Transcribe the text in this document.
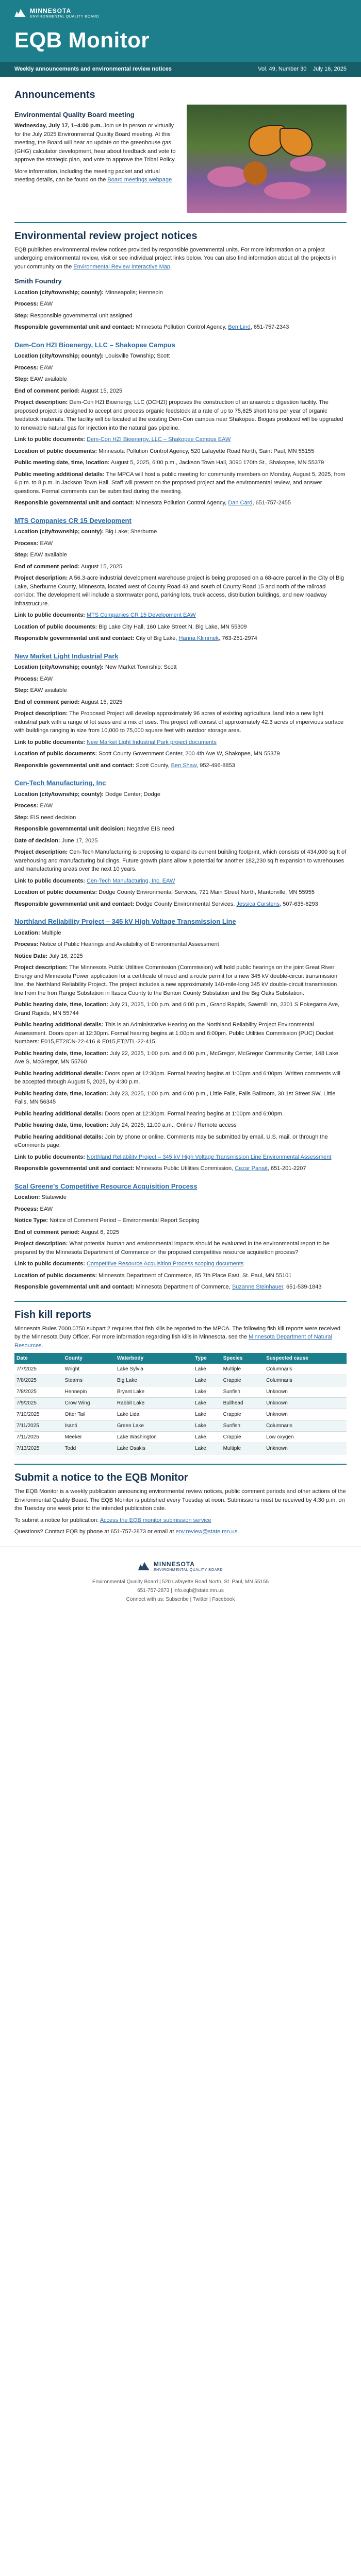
MINNESOTA
ENVIRONMENTAL QUALITY BOARD
EQB Monitor
Weekly announcements and environmental review notices	Vol. 49, Number 30 July 16, 2025
Announcements
Environmental Quality Board meeting

Wednesday, July 17, 1–4:00 p.m. Join us in person or virtually for the July 2025 Environmental Quality Board meeting. At this meeting, the Board will hear an update on the greenhouse gas (GHG) calculator development, hear about feedback and vote to approve the strategic plan, and vote to approve the Tribal Policy.

More information, including the meeting packet and virtual meeting details, can be found on the Board meetings webpage

Environmental review project notices

EQB publishes environmental review notices provided by responsible governmental units. For more information on a project undergoing environmental review, visit or see individual project links below. You can also find information about all the projects in your community on the Environmental Review Interactive Map.

Smith Foundry

Location (city/township; county): Minneapolis; Hennepin

Process: EAW

Step: Responsible governmental unit assigned

Responsible governmental unit and contact: Minnesota Pollution Control Agency, Ben Lind, 651-757-2343

Dem-Con HZI Bioenergy, LLC – Shakopee Campus

Location (city/township; county): Louisville Township; Scott

Process: EAW

Step: EAW available

End of comment period: August 15, 2025

Project description: Dem-Con HZI Bioenergy, LLC (DCHZI) proposes the construction of an anaerobic digestion facility. The proposed project is designed to accept and process organic feedstock at a rate of up to 75,625 short tons per year of organic feedstock materials. The facility will be located at the existing Dem-Con campus near Shakopee. Biogas produced will be upgraded to renewable natural gas for injection into the natural gas pipeline.

Link to public documents: Dem-Con HZI Bioenergy, LLC – Shakopee Campus EAW

Location of public documents: Minnesota Pollution Control Agency, 520 Lafayette Road North, Saint Paul, MN 55155

Public meeting date, time, location: August 5, 2025, 6:00 p.m., Jackson Town Hall, 3090 170th St., Shakopee, MN 55379

Public meeting additional details: The MPCA will host a public meeting for community members on Monday, August 5, 2025, from 6 p.m. to 8 p.m. in Jackson Town Hall. Staff will present on the proposed project and the environmental review, and answer questions. Formal comments can be submitted during the meeting.

Responsible governmental unit and contact: Minnesota Pollution Control Agency, Dan Card, 651-757-2455

MTS Companies CR 15 Development

Location (city/township; county): Big Lake; Sherburne

Process: EAW

Step: EAW available

End of comment period: August 15, 2025

Project description: A 56.3-acre industrial development warehouse project is being proposed on a 68-acre parcel in the City of Big Lake, Sherburne County, Minnesota, located west of County Road 43 and south of County Road 15 and north of the railroad corridor. The development will include a stormwater pond, parking lots, truck access, distribution buildings, and new roadway infrastructure.

Link to public documents: MTS Companies CR 15 Development EAW

Location of public documents: Big Lake City Hall, 160 Lake Street N, Big Lake, MN 55309

Responsible governmental unit and contact: City of Big Lake, Hanna Klimmek, 763-251-2974

New Market Light Industrial Park

Location (city/township; county): New Market Township; Scott

Process: EAW

Step: EAW available

End of comment period: August 15, 2025

Project description: The Proposed Project will develop approximately 96 acres of existing agricultural land into a new light industrial park with a range of lot sizes and a mix of uses. The project will consist of approximately 42.3 acres of impervious surface with buildings ranging in size from 10,000 to 75,000 square feet with outdoor storage area.

Link to public documents: New Market Light Industrial Park project documents

Location of public documents: Scott County Government Center, 200 4th Ave W, Shakopee, MN 55379

Responsible governmental unit and contact: Scott County, Ben Shaw, 952-496-8853

Cen-Tech Manufacturing, Inc

Location (city/township; county): Dodge Center; Dodge

Process: EAW

Step: EIS need decision

Responsible governmental unit decision: Negative EIS need

Date of decision: June 17, 2025

Project description: Cen-Tech Manufacturing is proposing to expand its current building footprint, which consists of 434,000 sq ft of warehousing and manufacturing buildings. Future growth plans allow a potential for another 182,230 sq ft expansion to warehouses and manufacturing areas over the next 10 years.

Link to public documents: Cen-Tech Manufacturing, Inc. EAW

Location of public documents: Dodge County Environmental Services, 721 Main Street North, Mantorville, MN 55955

Responsible governmental unit and contact: Dodge County Environmental Services, Jessica Carstens, 507-635-6293

Northland Reliability Project – 345 kV High Voltage Transmission Line

Location: Multiple

Process: Notice of Public Hearings and Availability of Environmental Assessment

Notice Date: July 16, 2025

Project description: The Minnesota Public Utilities Commission (Commission) will hold public hearings on the joint Great River Energy and Minnesota Power application for a certificate of need and a route permit for a new 345 kV double-circuit transmission line, the Northland Reliability Project. The project includes a new approximately 140-mile-long 345 kV double-circuit transmission line from the Iron Range Substation in Itasca County to the Benton County Substation and the Big Oaks Substation.

Public hearing date, time, location: July 21, 2025, 1:00 p.m. and 6:00 p.m., Grand Rapids, Sawmill Inn, 2301 S Pokegama Ave, Grand Rapids, MN 55744

Public hearing additional details: This is an Administrative Hearing on the Northland Reliability Project Environmental Assessment. Doors open at 12:30pm. Formal hearing begins at 1:00pm and 6:00pm. Public Utilities Commission (PUC) Docket Numbers: E015,ET2/CN-22-416 & E015,ET2/TL-22-415.

Public hearing date, time, location: July 22, 2025, 1:00 p.m. and 6:00 p.m., McGregor, McGregor Community Center, 148 Lake Ave S, McGregor, MN 55760

Public hearing additional details: Doors open at 12:30pm. Formal hearing begins at 1:00pm and 6:00pm. Written comments will be accepted through August 5, 2025, by 4:30 p.m.

Public hearing date, time, location: July 23, 2025, 1:00 p.m. and 6:00 p.m., Little Falls, Falls Ballroom, 30 1st Street SW, Little Falls, MN 56345

Public hearing additional details: Doors open at 12:30pm. Formal hearing begins at 1:00pm and 6:00pm.

Public hearing date, time, location: July 24, 2025, 11:00 a.m., Online / Remote access

Public hearing additional details: Join by phone or online. Comments may be submitted by email, U.S. mail, or through the eComments page.

Link to public documents: Northland Reliability Project – 345 kV High Voltage Transmission Line Environmental Assessment

Responsible governmental unit and contact: Minnesota Public Utilities Commission, Cezar Panait, 651-201-2207

Scal Greene's Competitive Resource Acquisition Process

Location: Statewide

Process: EAW

Notice Type: Notice of Comment Period – Environmental Report Scoping

End of comment period: August 6, 2025

Project description: What potential human and environmental impacts should be evaluated in the environmental report to be prepared by the Minnesota Department of Commerce on the proposed competitive resource acquisition process?

Link to public documents: Competitive Resource Acquisition Process scoping documents

Location of public documents: Minnesota Department of Commerce, 85 7th Place East, St. Paul, MN 55101

Responsible governmental unit and contact: Minnesota Department of Commerce, Suzanne Steinhauer, 651-539-1843

Fish kill reports

Minnesota Rules 7000.0750 subpart 2 requires that fish kills be reported to the MPCA. The following fish kill reports were received by the Minnesota Duty Officer. For more information regarding fish kills in Minnesota, see the Minnesota Department of Natural Resources.

Date	County	Waterbody	Type	Species	Suspected cause
7/7/2025	Wright	Lake Sylvia	Lake	Multiple	Columnaris
7/8/2025	Stearns	Big Lake	Lake	Crappie	Columnaris
7/8/2025	Hennepin	Bryant Lake	Lake	Sunfish	Unknown
7/9/2025	Crow Wing	Rabbit Lake	Lake	Bullhead	Unknown
7/10/2025	Otter Tail	Lake Lida	Lake	Crappie	Unknown
7/11/2025	Isanti	Green Lake	Lake	Sunfish	Columnaris
7/11/2025	Meeker	Lake Washington	Lake	Crappie	Low oxygen
7/13/2025	Todd	Lake Osakis	Lake	Multiple	Unknown
Submit a notice to the EQB Monitor

The EQB Monitor is a weekly publication announcing environmental review notices, public comment periods and other actions of the Environmental Quality Board. The EQB Monitor is published every Tuesday at noon. Submissions must be received by 4:30 p.m. on the Tuesday one week prior to the intended publication date.

To submit a notice for publication: Access the EQB monitor submission service

Questions? Contact EQB by phone at 651-757-2873 or email at env.review@state.mn.us.

MINNESOTA
ENVIRONMENTAL QUALITY BOARD
Environmental Quality Board | 520 Lafayette Road North, St. Paul, MN 55155
651-757-2873 | info.eqb@state.mn.us
Connect with us: Subscribe | Twitter | Facebook
